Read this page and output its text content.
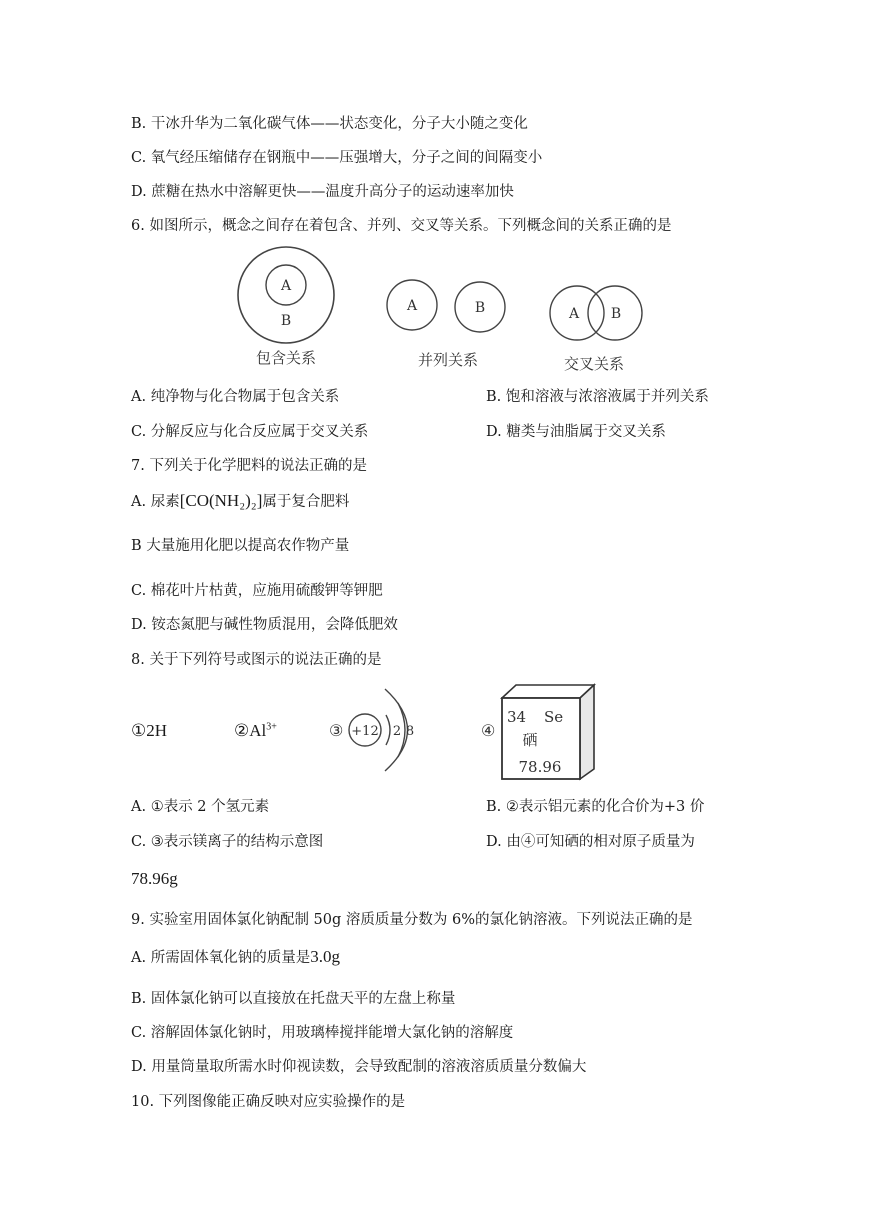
B. 干冰升华为二氧化碳气体——状态变化，分子大小随之变化
C. 氧气经压缩储存在钢瓶中——压强增大，分子之间的间隔变小
D. 蔗糖在热水中溶解更快——温度升高分子的运动速率加快
6. 如图所示，概念之间存在着包含、并列、交叉等关系。下列概念间的关系正确的是
A
B
包含关系
A	B
并列关系
A B
交叉关系
A. 纯净物与化合物属于包含关系	B. 饱和溶液与浓溶液属于并列关系
C. 分解反应与化合反应属于交叉关系	D. 糖类与油脂属于交叉关系
7. 下列关于化学肥料的说法正确的是
A. 尿素[CO(NH₂)₂]属于复合肥料
B 大量施用化肥以提高农作物产量
C. 棉花叶片枯黄，应施用硫酸钾等钾肥
D. 铵态氮肥与碱性物质混用，会降低肥效
8. 关于下列符号或图示的说法正确的是
①2H	$②Al^{3+}$	③ +12 2 8	④
34 Se
硒
78.96
A. ①表示 2 个氢元素	B. ②表示铝元素的化合价为+3 价
C. ③表示镁离子的结构示意图	D. 由④可知硒的相对原子质量为
78.96g
9. 实验室用固体氯化钠配制 50g 溶质质量分数为 6%的氯化钠溶液。下列说法正确的是
A. 所需固体氧化钠的质量是3.0g
B. 固体氯化钠可以直接放在托盘天平的左盘上称量
C. 溶解固体氯化钠时，用玻璃棒搅拌能增大氯化钠的溶解度
D. 用量筒量取所需水时仰视读数，会导致配制的溶液溶质质量分数偏大
10. 下列图像能正确反映对应实验操作的是
